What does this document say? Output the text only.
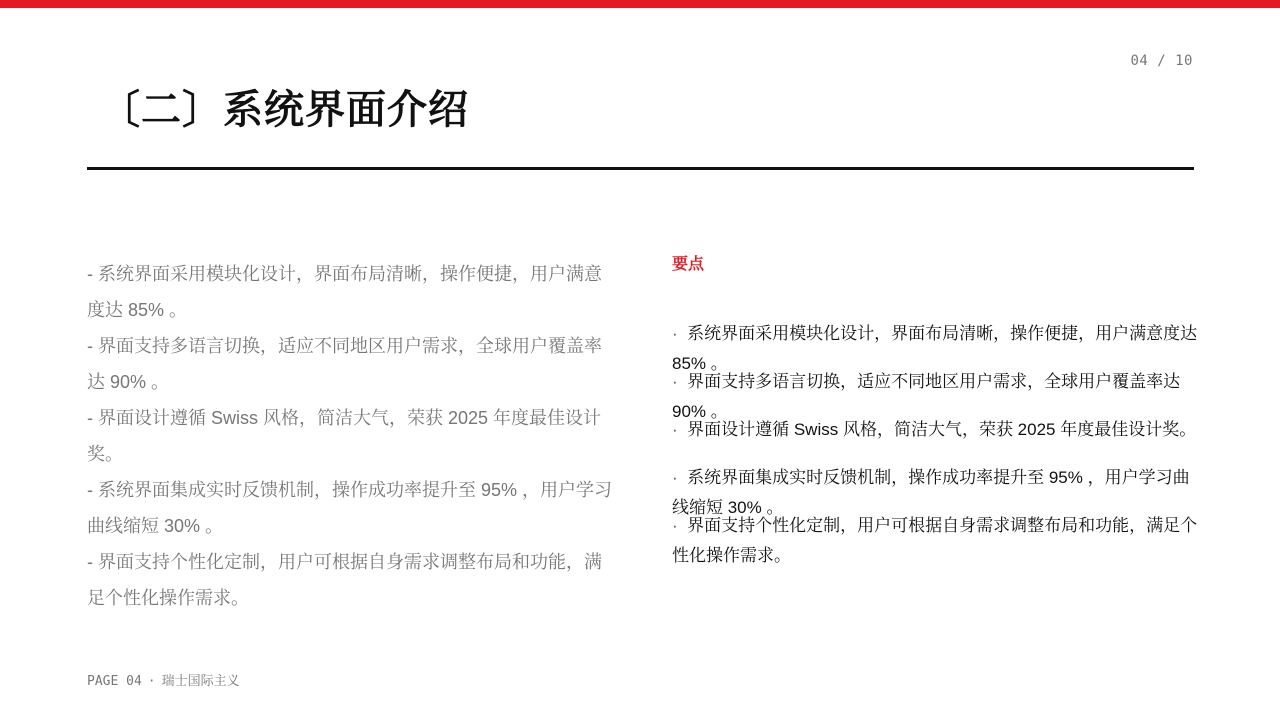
04 / 10
〔二〕系统界面介绍
- 系统界面采用模块化设计，界面布局清晰，操作便捷，用户满意度达 85% 。
- 界面支持多语言切换，适应不同地区用户需求，全球用户覆盖率达 90% 。
- 界面设计遵循 Swiss 风格，简洁大气，荣获 2025 年度最佳设计奖。
- 系统界面集成实时反馈机制，操作成功率提升至 95% ，用户学习曲线缩短 30% 。
- 界面支持个性化定制，用户可根据自身需求调整布局和功能，满足个性化操作需求。
要点
· 系统界面采用模块化设计，界面布局清晰，操作便捷，用户满意度达 85% 。
· 界面支持多语言切换，适应不同地区用户需求，全球用户覆盖率达 90% 。
· 界面设计遵循 Swiss 风格，简洁大气，荣获 2025 年度最佳设计奖。
· 系统界面集成实时反馈机制，操作成功率提升至 95% ，用户学习曲线缩短 30% 。
· 界面支持个性化定制，用户可根据自身需求调整布局和功能，满足个性化操作需求。
PAGE 04 · 瑞士国际主义
